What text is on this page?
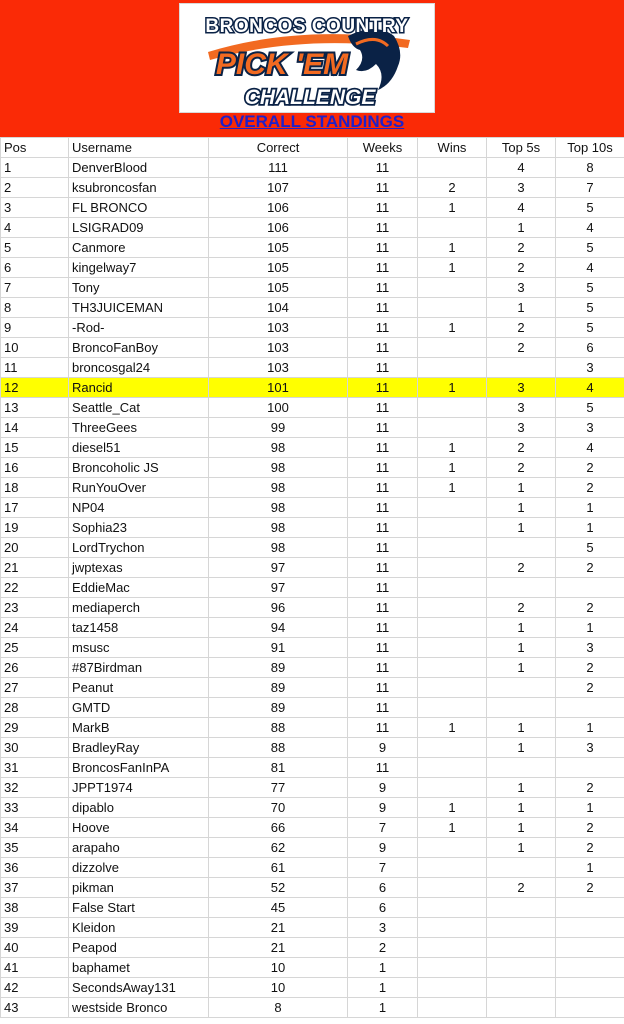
BRONCOS COUNTRY
PICK 'EM
CHALLENGE
OVERALL STANDINGS
Pos	Username	Correct	Weeks	Wins	Top 5s	Top 10s
1	DenverBlood	111	11		4	8
2	ksubroncosfan	107	11	2	3	7
3	FL BRONCO	106	11	1	4	5
4	LSIGRAD09	106	11		1	4
5	Canmore	105	11	1	2	5
6	kingelway7	105	11	1	2	4
7	Tony	105	11		3	5
8	TH3JUICEMAN	104	11		1	5
9	-Rod-	103	11	1	2	5
10	BroncoFanBoy	103	11		2	6
11	broncosgal24	103	11			3
12	Rancid	101	11	1	3	4
13	Seattle_Cat	100	11		3	5
14	ThreeGees	99	11		3	3
15	diesel51	98	11	1	2	4
16	Broncoholic JS	98	11	1	2	2
18	RunYouOver	98	11	1	1	2
17	NP04	98	11		1	1
19	Sophia23	98	11		1	1
20	LordTrychon	98	11			5
21	jwptexas	97	11		2	2
22	EddieMac	97	11			
23	mediaperch	96	11		2	2
24	taz1458	94	11		1	1
25	msusc	91	11		1	3
26	#87Birdman	89	11		1	2
27	Peanut	89	11			2
28	GMTD	89	11			
29	MarkB	88	11	1	1	1
30	BradleyRay	88	9		1	3
31	BroncosFanInPA	81	11			
32	JPPT1974	77	9		1	2
33	dipablo	70	9	1	1	1
34	Hoove	66	7	1	1	2
35	arapaho	62	9		1	2
36	dizzolve	61	7			1
37	pikman	52	6		2	2
38	False Start	45	6			
39	Kleidon	21	3			
40	Peapod	21	2			
41	baphamet	10	1			
42	SecondsAway131	10	1			
43	westside Bronco	8	1			
